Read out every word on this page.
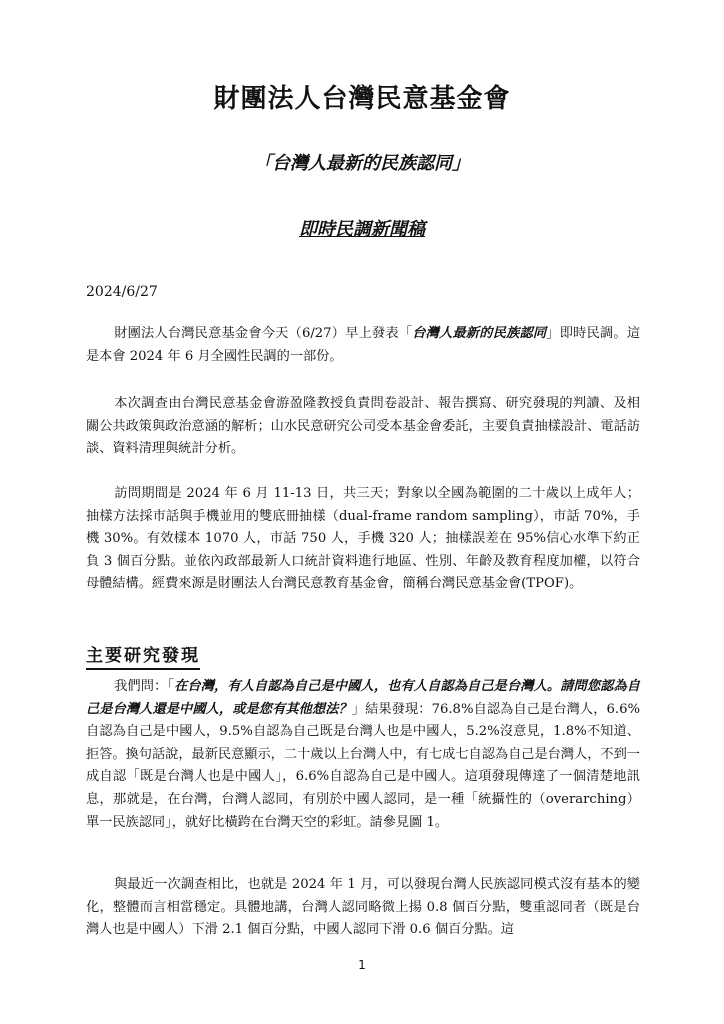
財團法人台灣民意基金會
「台灣人最新的民族認同」
即時民調新聞稿
2024/6/27

財團法人台灣民意基金會今天（6/27）早上發表「台灣人最新的民族認同」即時民調。這是本會 2024 年 6 月全國性民調的一部份。

本次調查由台灣民意基金會游盈隆教授負責問卷設計、報告撰寫、研究發現的判讀、及相關公共政策與政治意涵的解析；山水民意研究公司受本基金會委託，主要負責抽樣設計、電話訪談、資料清理與統計分析。

訪問期間是 2024 年 6 月 11-13 日，共三天；對象以全國為範圍的二十歲以上成年人；抽樣方法採市話與手機並用的雙底冊抽樣（dual-frame random sampling），市話 70%，手機 30%。有效樣本 1070 人，市話 750 人，手機 320 人；抽樣誤差在 95%信心水準下約正負 3 個百分點。並依內政部最新人口統計資料進行地區、性別、年齡及教育程度加權，以符合母體結構。經費來源是財團法人台灣民意教育基金會，簡稱台灣民意基金會(TPOF)。

主要研究發現

我們問：「在台灣，有人自認為自己是中國人，也有人自認為自己是台灣人。請問您認為自己是台灣人還是中國人，或是您有其他想法？」結果發現：76.8%自認為自己是台灣人，6.6%自認為自己是中國人，9.5%自認為自己既是台灣人也是中國人，5.2%沒意見，1.8%不知道、拒答。換句話說，最新民意顯示，二十歲以上台灣人中，有七成七自認為自己是台灣人，不到一成自認「既是台灣人也是中國人」，6.6%自認為自己是中國人。這項發現傳達了一個清楚地訊息，那就是，在台灣，台灣人認同，有別於中國人認同，是一種「統攝性的（overarching）單一民族認同」，就好比橫跨在台灣天空的彩虹。請參見圖 1。

與最近一次調查相比，也就是 2024 年 1 月，可以發現台灣人民族認同模式沒有基本的變化，整體而言相當穩定。具體地講，台灣人認同略微上揚 0.8 個百分點，雙重認同者（既是台灣人也是中國人）下滑 2.1 個百分點，中國人認同下滑 0.6 個百分點。這

1
